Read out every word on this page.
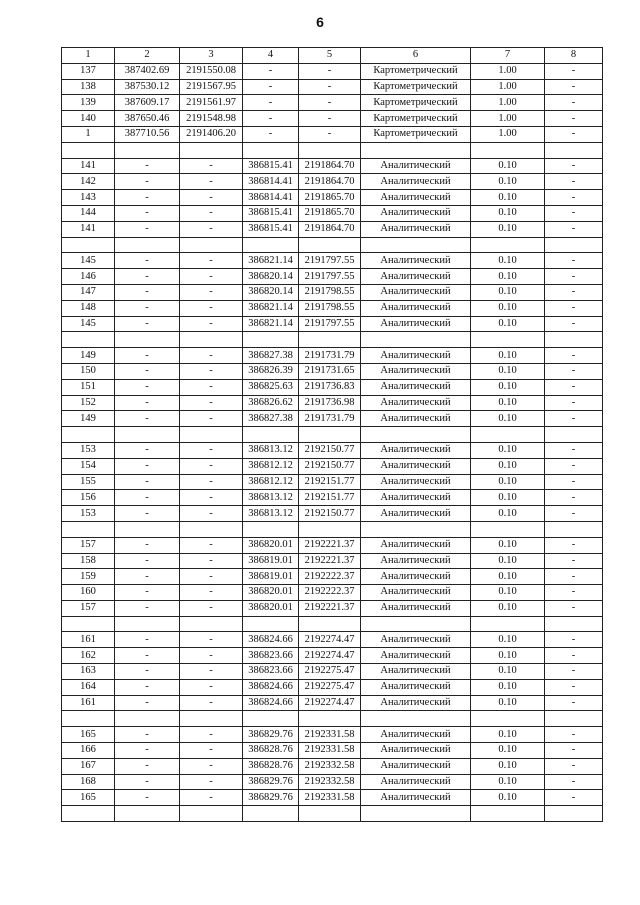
6
1	2	3	4	5	6	7	8
137	387402.69	2191550.08	-	-	Картометрический	1.00	-
138	387530.12	2191567.95	-	-	Картометрический	1.00	-
139	387609.17	2191561.97	-	-	Картометрический	1.00	-
140	387650.46	2191548.98	-	-	Картометрический	1.00	-
1	387710.56	2191406.20	-	-	Картометрический	1.00	-

141	-	-	386815.41	2191864.70	Аналитический	0.10	-
142	-	-	386814.41	2191864.70	Аналитический	0.10	-
143	-	-	386814.41	2191865.70	Аналитический	0.10	-
144	-	-	386815.41	2191865.70	Аналитический	0.10	-
141	-	-	386815.41	2191864.70	Аналитический	0.10	-

145	-	-	386821.14	2191797.55	Аналитический	0.10	-
146	-	-	386820.14	2191797.55	Аналитический	0.10	-
147	-	-	386820.14	2191798.55	Аналитический	0.10	-
148	-	-	386821.14	2191798.55	Аналитический	0.10	-
145	-	-	386821.14	2191797.55	Аналитический	0.10	-

149	-	-	386827.38	2191731.79	Аналитический	0.10	-
150	-	-	386826.39	2191731.65	Аналитический	0.10	-
151	-	-	386825.63	2191736.83	Аналитический	0.10	-
152	-	-	386826.62	2191736.98	Аналитический	0.10	-
149	-	-	386827.38	2191731.79	Аналитический	0.10	-

153	-	-	386813.12	2192150.77	Аналитический	0.10	-
154	-	-	386812.12	2192150.77	Аналитический	0.10	-
155	-	-	386812.12	2192151.77	Аналитический	0.10	-
156	-	-	386813.12	2192151.77	Аналитический	0.10	-
153	-	-	386813.12	2192150.77	Аналитический	0.10	-

157	-	-	386820.01	2192221.37	Аналитический	0.10	-
158	-	-	386819.01	2192221.37	Аналитический	0.10	-
159	-	-	386819.01	2192222.37	Аналитический	0.10	-
160	-	-	386820.01	2192222.37	Аналитический	0.10	-
157	-	-	386820.01	2192221.37	Аналитический	0.10	-

161	-	-	386824.66	2192274.47	Аналитический	0.10	-
162	-	-	386823.66	2192274.47	Аналитический	0.10	-
163	-	-	386823.66	2192275.47	Аналитический	0.10	-
164	-	-	386824.66	2192275.47	Аналитический	0.10	-
161	-	-	386824.66	2192274.47	Аналитический	0.10	-

165	-	-	386829.76	2192331.58	Аналитический	0.10	-
166	-	-	386828.76	2192331.58	Аналитический	0.10	-
167	-	-	386828.76	2192332.58	Аналитический	0.10	-
168	-	-	386829.76	2192332.58	Аналитический	0.10	-
165	-	-	386829.76	2192331.58	Аналитический	0.10	-
